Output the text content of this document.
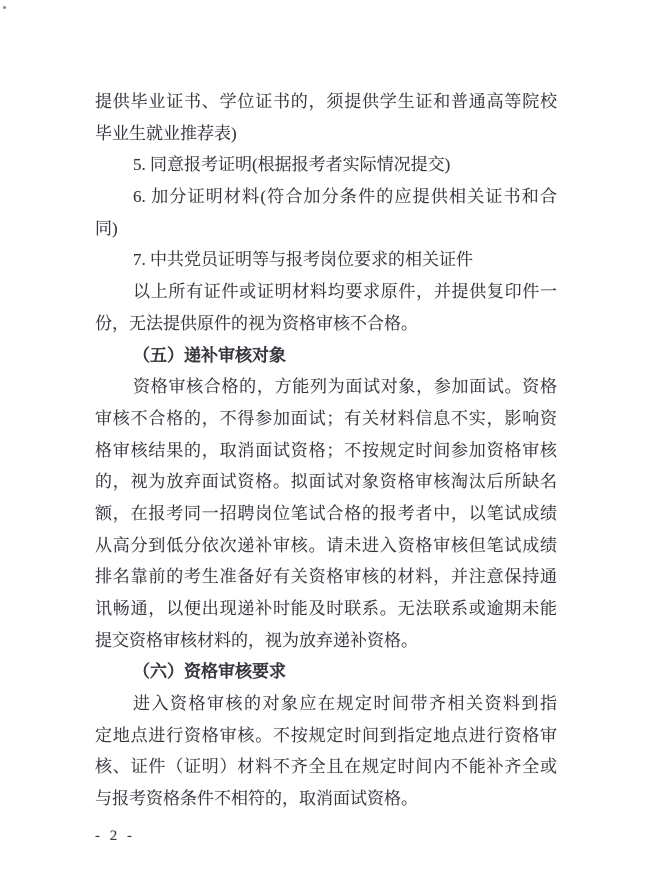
提供毕业证书、学位证书的，须提供学生证和普通高等院校
毕业生就业推荐表)
5. 同意报考证明(根据报考者实际情况提交)
6. 加分证明材料(符合加分条件的应提供相关证书和合
同)
7. 中共党员证明等与报考岗位要求的相关证件
以上所有证件或证明材料均要求原件，并提供复印件一
份，无法提供原件的视为资格审核不合格。
（五）递补审核对象
资格审核合格的，方能列为面试对象，参加面试。资格
审核不合格的，不得参加面试；有关材料信息不实，影响资
格审核结果的，取消面试资格；不按规定时间参加资格审核
的，视为放弃面试资格。拟面试对象资格审核淘汰后所缺名
额，在报考同一招聘岗位笔试合格的报考者中，以笔试成绩
从高分到低分依次递补审核。请未进入资格审核但笔试成绩
排名靠前的考生准备好有关资格审核的材料，并注意保持通
讯畅通，以便出现递补时能及时联系。无法联系或逾期未能
提交资格审核材料的，视为放弃递补资格。
（六）资格审核要求
进入资格审核的对象应在规定时间带齐相关资料到指
定地点进行资格审核。不按规定时间到指定地点进行资格审
核、证件（证明）材料不齐全且在规定时间内不能补齐全或
与报考资格条件不相符的，取消面试资格。
- 2 -
